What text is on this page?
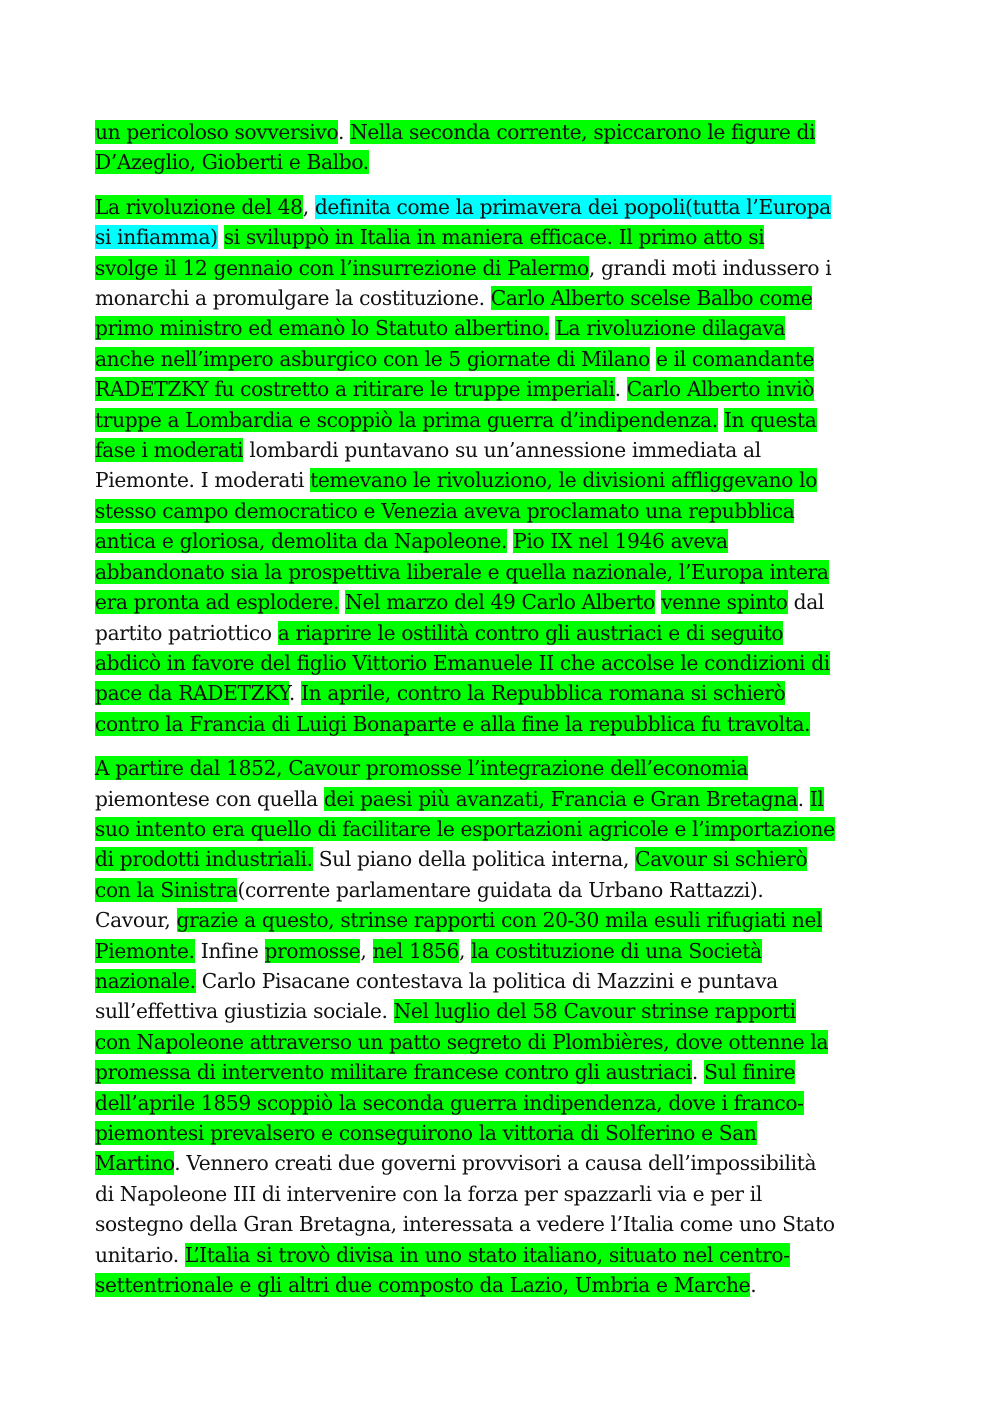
un pericoloso sovversivo. Nella seconda corrente, spiccarono le figure di
D’Azeglio, Gioberti e Balbo.
La rivoluzione del 48, definita come la primavera dei popoli(tutta l’Europa
si infiamma) si sviluppò in Italia in maniera efficace. Il primo atto si
svolge il 12 gennaio con l’insurrezione di Palermo, grandi moti indussero i
monarchi a promulgare la costituzione. Carlo Alberto scelse Balbo come
primo ministro ed emanò lo Statuto albertino. La rivoluzione dilagava
anche nell’impero asburgico con le 5 giornate di Milano e il comandante
RADETZKY fu costretto a ritirare le truppe imperiali. Carlo Alberto inviò
truppe a Lombardia e scoppiò la prima guerra d’indipendenza. In questa
fase i moderati lombardi puntavano su un’annessione immediata al
Piemonte. I moderati temevano le rivoluziono, le divisioni affliggevano lo
stesso campo democratico e Venezia aveva proclamato una repubblica
antica e gloriosa, demolita da Napoleone. Pio IX nel 1946 aveva
abbandonato sia la prospettiva liberale e quella nazionale, l’Europa intera
era pronta ad esplodere. Nel marzo del 49 Carlo Alberto venne spinto dal
partito patriottico a riaprire le ostilità contro gli austriaci e di seguito
abdicò in favore del figlio Vittorio Emanuele II che accolse le condizioni di
pace da RADETZKY. In aprile, contro la Repubblica romana si schierò
contro la Francia di Luigi Bonaparte e alla fine la repubblica fu travolta.
A partire dal 1852, Cavour promosse l’integrazione dell’economia
piemontese con quella dei paesi più avanzati, Francia e Gran Bretagna. Il
suo intento era quello di facilitare le esportazioni agricole e l’importazione
di prodotti industriali. Sul piano della politica interna, Cavour si schierò
con la Sinistra(corrente parlamentare guidata da Urbano Rattazzi).
Cavour, grazie a questo, strinse rapporti con 20-30 mila esuli rifugiati nel
Piemonte. Infine promosse, nel 1856, la costituzione di una Società
nazionale. Carlo Pisacane contestava la politica di Mazzini e puntava
sull’effettiva giustizia sociale. Nel luglio del 58 Cavour strinse rapporti
con Napoleone attraverso un patto segreto di Plombières, dove ottenne la
promessa di intervento militare francese contro gli austriaci. Sul finire
dell’aprile 1859 scoppiò la seconda guerra indipendenza, dove i franco-
piemontesi prevalsero e conseguirono la vittoria di Solferino e San
Martino. Vennero creati due governi provvisori a causa dell’impossibilità
di Napoleone III di intervenire con la forza per spazzarli via e per il
sostegno della Gran Bretagna, interessata a vedere l’Italia come uno Stato
unitario. L’Italia si trovò divisa in uno stato italiano, situato nel centro-
settentrionale e gli altri due composto da Lazio, Umbria e Marche.
